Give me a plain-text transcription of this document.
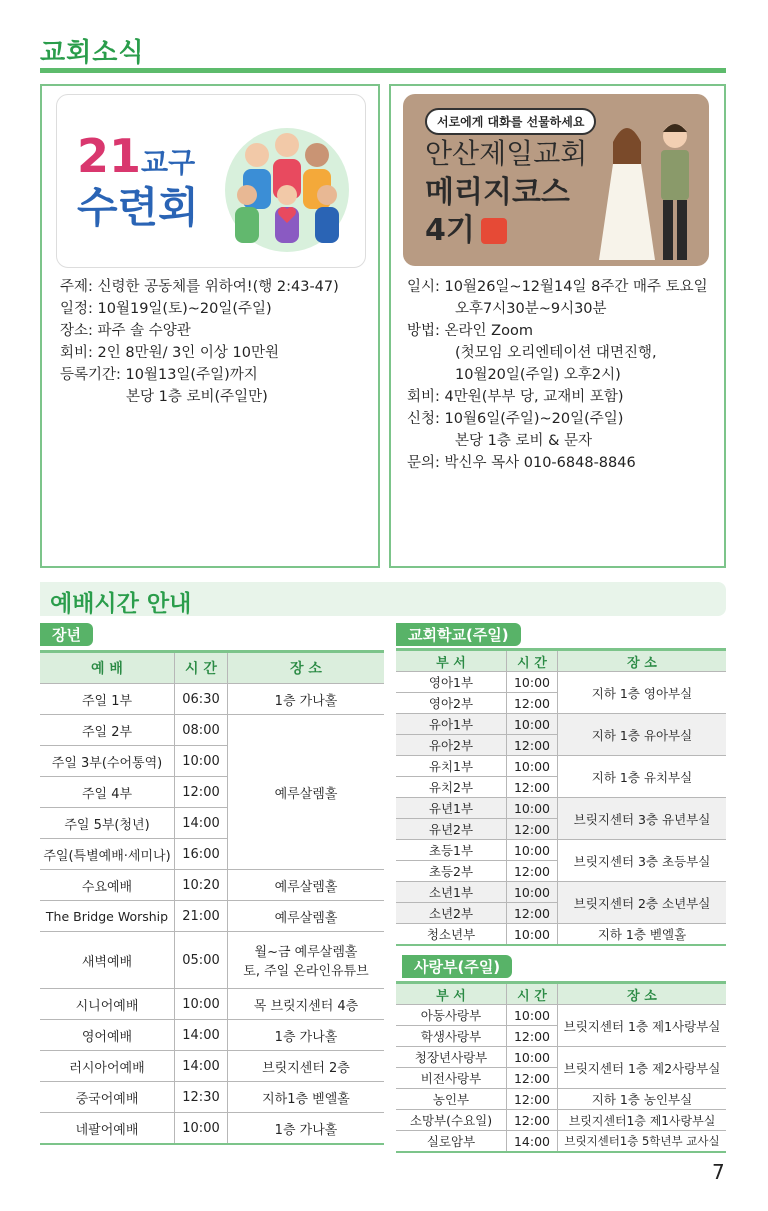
교회소식
21교구
수련회
주제: 신령한 공동체를 위하여!(행 2:43-47)
일정: 10월19일(토)~20일(주일)
장소: 파주 솔 수양관
회비: 2인 8만원/ 3인 이상 10만원
등록기간: 10월13일(주일)까지
본당 1층 로비(주일만)
서로에게 대화를 선물하세요
안산제일교회
메리지코스
4기
일시: 10월26일~12월14일 8주간 매주 토요일
오후7시30분~9시30분
방법: 온라인 Zoom
(첫모임 오리엔테이션 대면진행,
10월20일(주일) 오후2시)
회비: 4만원(부부 당, 교재비 포함)
신청: 10월6일(주일)~20일(주일)
본당 1층 로비 & 문자
문의: 박신우 목사 010-6848-8846
예배시간 안내
장년	교회학교(주일)
예 배	시 간	장 소
주일 1부	06:30	1층 가나홀
주일 2부	08:00	예루살렘홀
주일 3부(수어통역)	10:00	
주일 4부	12:00	
주일 5부(청년)	14:00	
주일(특별예배·세미나)	16:00	
수요예배	10:20	예루살렘홀
The Bridge Worship	21:00	예루살렘홀
새벽예배	05:00	월~금 예루살렘홀
토, 주일 온라인유튜브

시니어예배	10:00	목 브릿지센터 4층
영어예배	14:00	1층 가나홀
러시아어예배	14:00	브릿지센터 2층
중국어예배	12:30	지하1층 벧엘홀
네팔어예배	10:00	1층 가나홀
부 서	시 간	장 소
영아1부	10:00	지하 1층 영아부실
영아2부	12:00	
유아1부	10:00	지하 1층 유아부실
유아2부	12:00	
유치1부	10:00	지하 1층 유치부실
유치2부	12:00	
유년1부	10:00	브릿지센터 3층 유년부실
유년2부	12:00	
초등1부	10:00	브릿지센터 3층 초등부실
초등2부	12:00	
소년1부	10:00	브릿지센터 2층 소년부실
소년2부	12:00	
청소년부	10:00	지하 1층 벧엘홀
사랑부(주일)
부 서	시 간	장 소
아동사랑부	10:00	브릿지센터 1층 제1사랑부실
학생사랑부	12:00	
청장년사랑부	10:00	브릿지센터 1층 제2사랑부실
비전사랑부	12:00	
농인부	12:00	지하 1층 농인부실
소망부(수요일)	12:00	브릿지센터1층 제1사랑부실
실로암부	14:00	브릿지센터1층 5학년부 교사실
7
